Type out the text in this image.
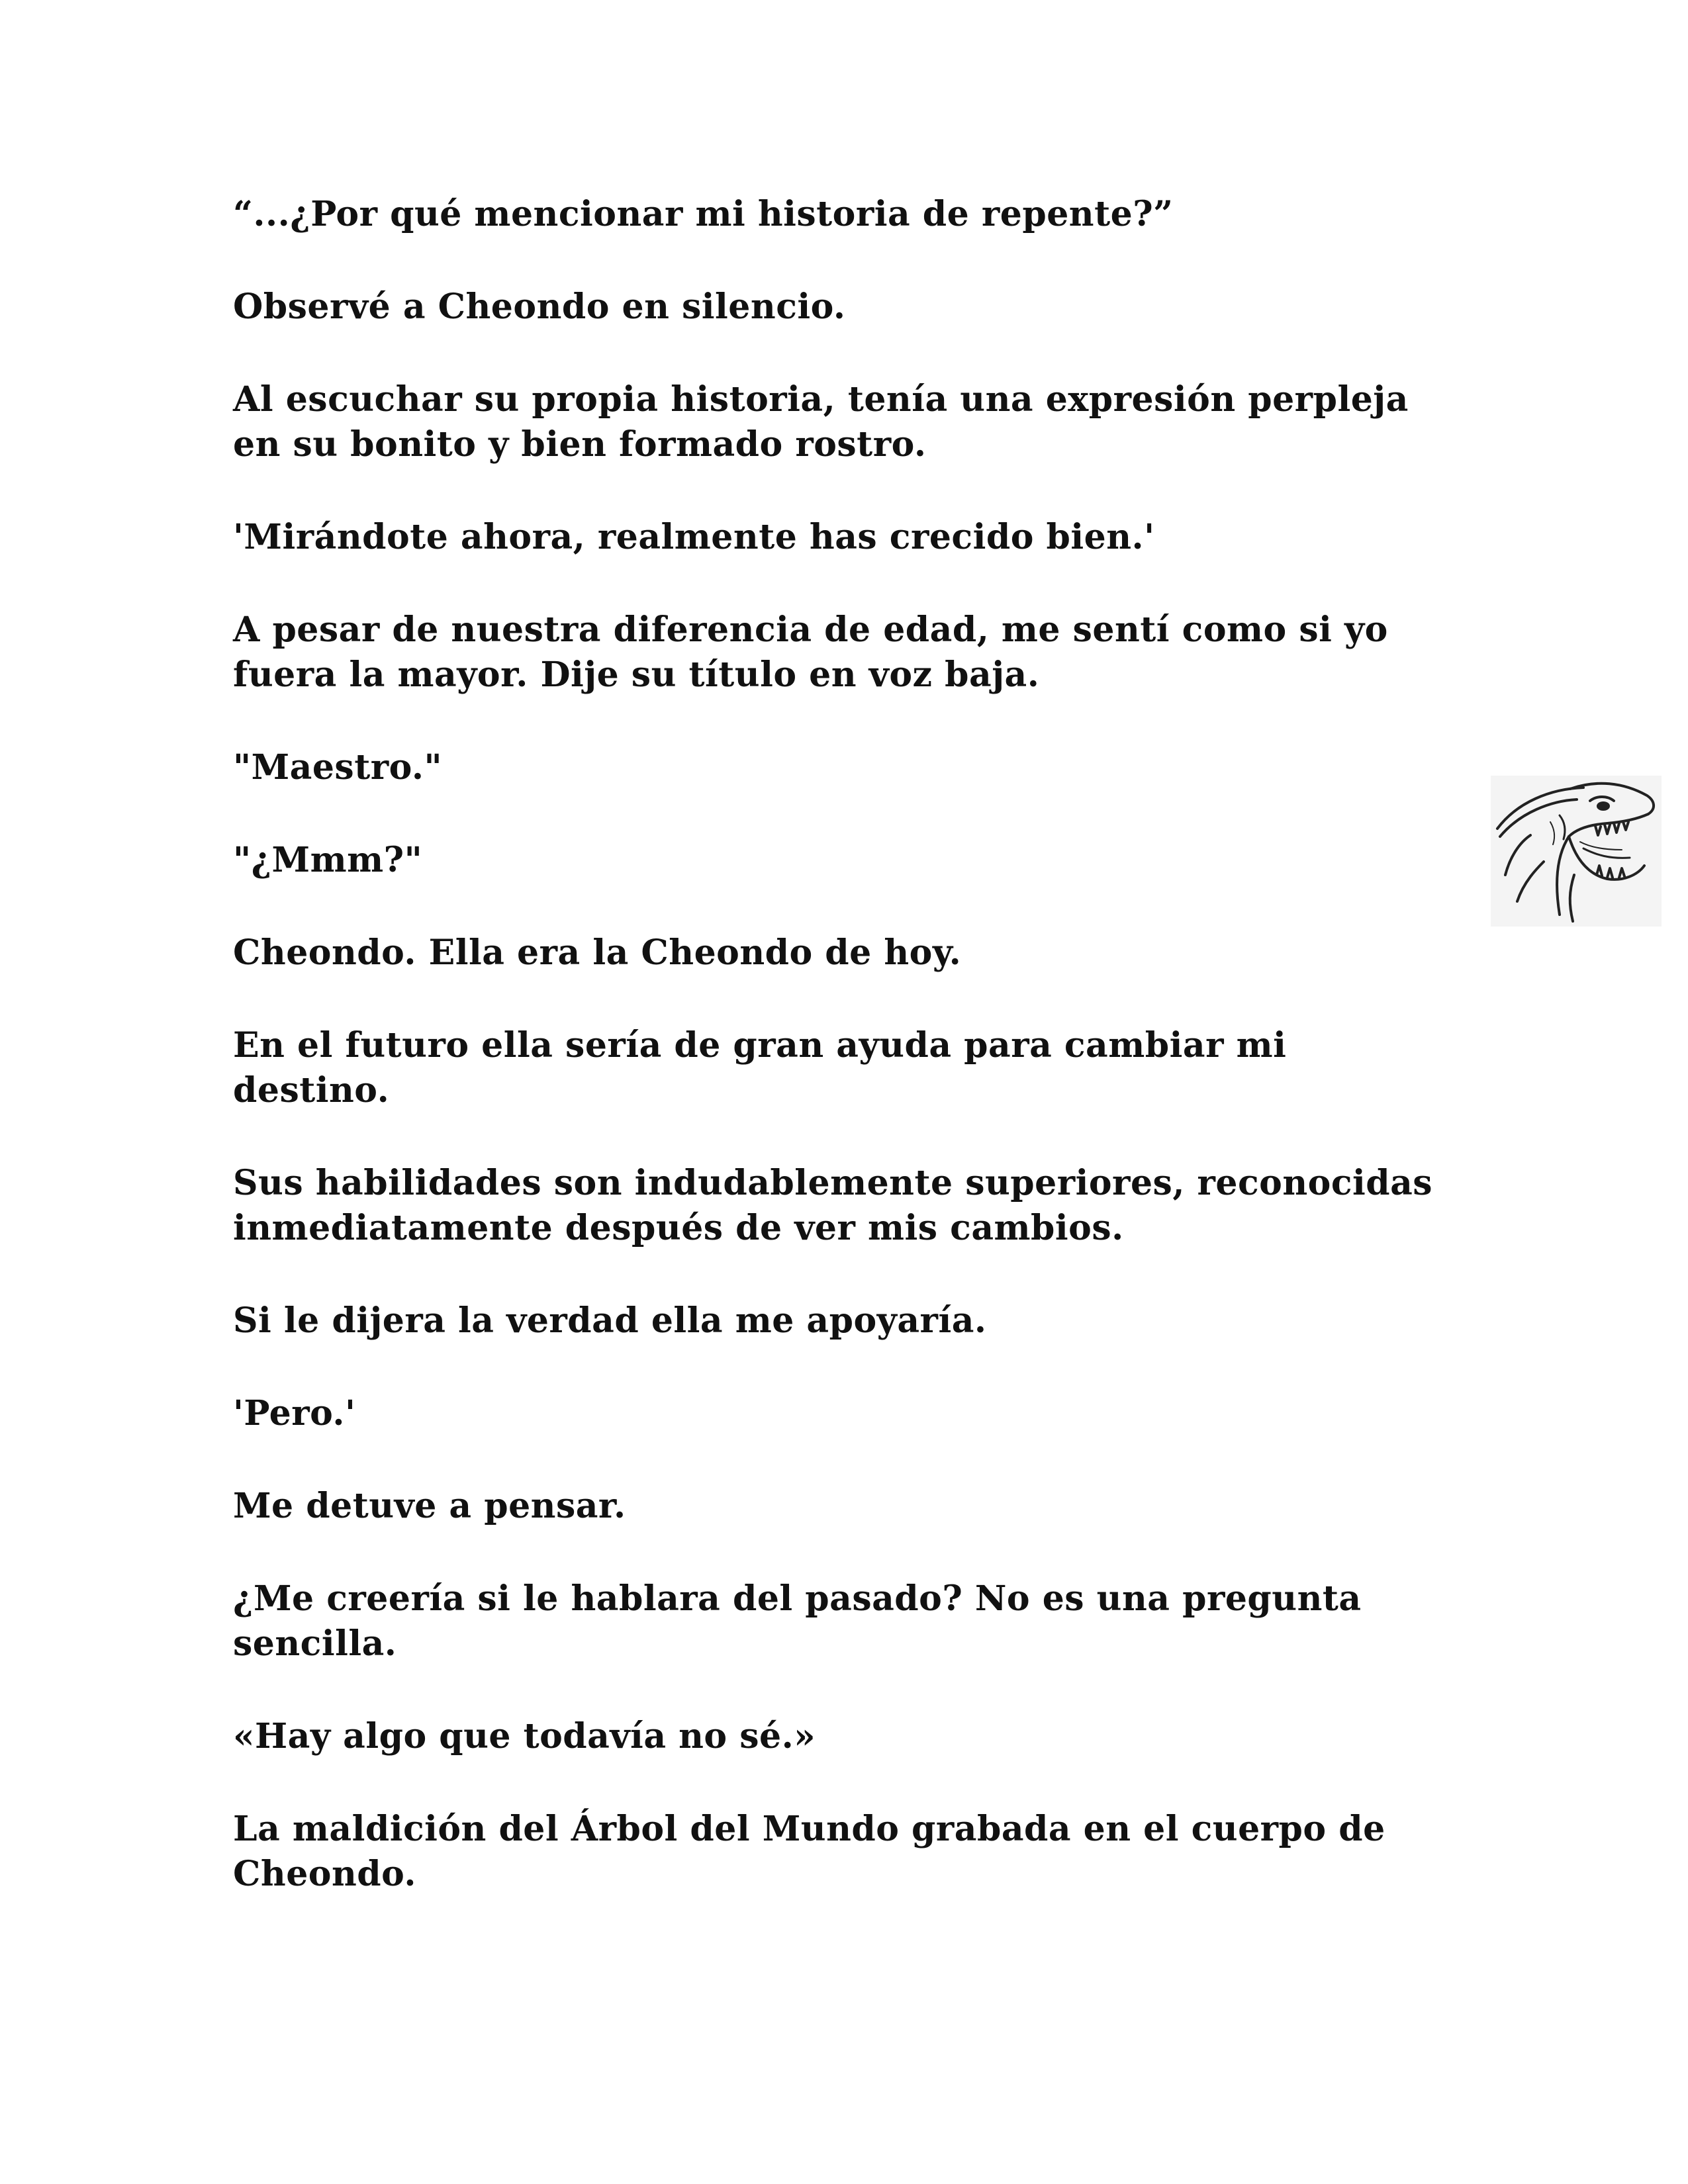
“...¿Por qué mencionar mi historia de repente?”

Observé a Cheondo en silencio.

Al escuchar su propia historia, tenía una expresión perpleja en su bonito y bien formado rostro.

'Mirándote ahora, realmente has crecido bien.'

A pesar de nuestra diferencia de edad, me sentí como si yo fuera la mayor. Dije su título en voz baja.

"Maestro."

"¿Mmm?"

Cheondo. Ella era la Cheondo de hoy.

En el futuro ella sería de gran ayuda para cambiar mi destino.

Sus habilidades son indudablemente superiores, reconocidas inmediatamente después de ver mis cambios.

Si le dijera la verdad ella me apoyaría.

'Pero.'

Me detuve a pensar.

¿Me creería si le hablara del pasado? No es una pregunta sencilla.

«Hay algo que todavía no sé.»

La maldición del Árbol del Mundo grabada en el cuerpo de Cheondo.
